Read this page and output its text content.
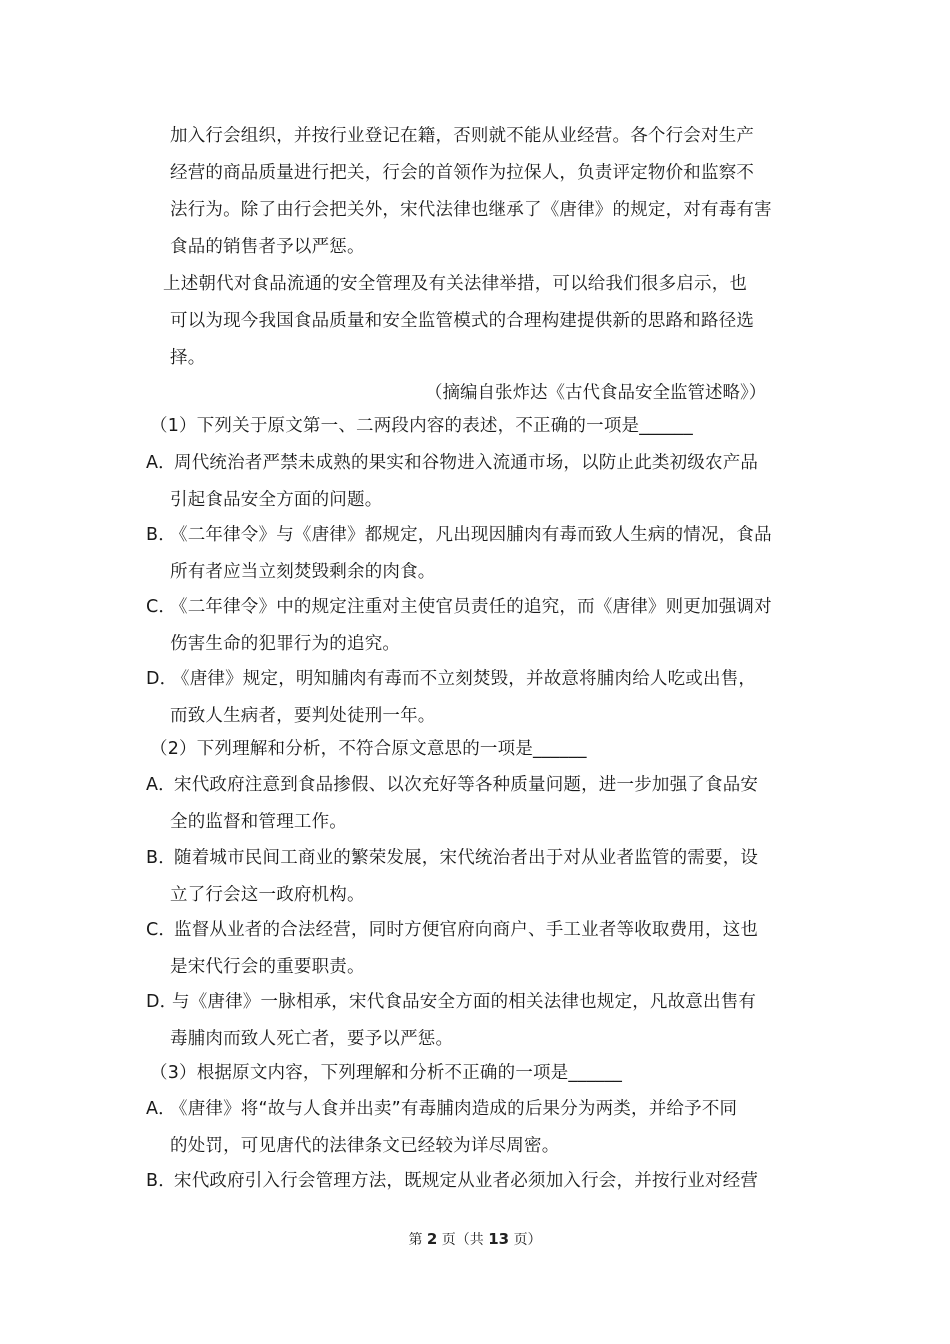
加入行会组织，并按行业登记在籍，否则就不能从业经营。各个行会对生产
经营的商品质量进行把关，行会的首领作为拉保人，负责评定物价和监察不
法行为。除了由行会把关外，宋代法律也继承了《唐律》的规定，对有毒有害
食品的销售者予以严惩。
上述朝代对食品流通的安全管理及有关法律举措，可以给我们很多启示，也
可以为现今我国食品质量和安全监管模式的合理构建提供新的思路和路径选
择。
（摘编自张炸达《古代食品安全监管述略》）
（1）下列关于原文第一、二两段内容的表述，不正确的一项是______
A．
周代统治者严禁未成熟的果实和谷物进入流通市场，以防止此类初级农产品
引起食品安全方面的问题。
B．
《二年律令》与《唐律》都规定，凡出现因脯肉有毒而致人生病的情况，食品
所有者应当立刻焚毁剩余的肉食。
C．
《二年律令》中的规定注重对主使官员责任的追究，而《唐律》则更加强调对
伤害生命的犯罪行为的追究。
D．
《唐律》规定，明知脯肉有毒而不立刻焚毁，并故意将脯肉给人吃或出售，
而致人生病者，要判处徒刑一年。
（2）下列理解和分析，不符合原文意思的一项是______
A．
宋代政府注意到食品掺假、以次充好等各种质量问题，进一步加强了食品安
全的监督和管理工作。
B．
随着城市民间工商业的繁荣发展，宋代统治者出于对从业者监管的需要，设
立了行会这一政府机构。
C．
监督从业者的合法经营，同时方便官府向商户、手工业者等收取费用，这也
是宋代行会的重要职责。
D．
与《唐律》一脉相承，宋代食品安全方面的相关法律也规定，凡故意出售有
毒脯肉而致人死亡者，要予以严惩。
（3）根据原文内容，下列理解和分析不正确的一项是______
A．
《唐律》将“故与人食并出卖”有毒脯肉造成的后果分为两类，并给予不同
的处罚，可见唐代的法律条文已经较为详尽周密。
B．
宋代政府引入行会管理方法，既规定从业者必须加入行会，并按行业对经营
第 2 页（共 13 页）
